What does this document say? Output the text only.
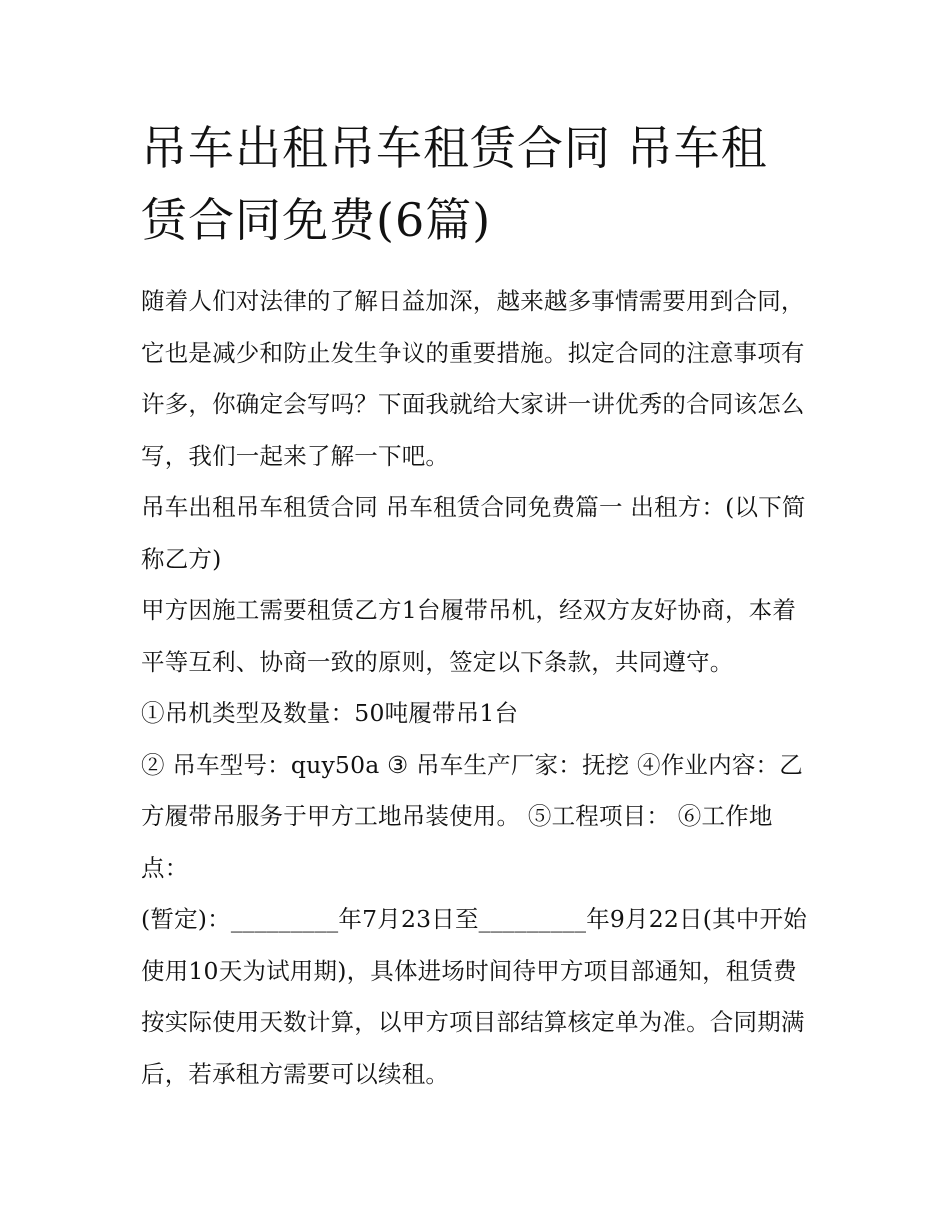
吊车出租吊车租赁合同 吊车租赁合同免费(6篇)

随着人们对法律的了解日益加深，越来越多事情需要用到合同，它也是减少和防止发生争议的重要措施。拟定合同的注意事项有许多，你确定会写吗？下面我就给大家讲一讲优秀的合同该怎么写，我们一起来了解一下吧。

吊车出租吊车租赁合同 吊车租赁合同免费篇一 出租方：(以下简称乙方)

甲方因施工需要租赁乙方1台履带吊机，经双方友好协商，本着平等互利、协商一致的原则，签定以下条款，共同遵守。

①吊机类型及数量：50吨履带吊1台

② 吊车型号：quy50a ③ 吊车生产厂家：抚挖 ④作业内容：乙方履带吊服务于甲方工地吊装使用。 ⑤工程项目： ⑥工作地点：

(暂定)：_________年7月23日至_________年9月22日(其中开始使用10天为试用期)，具体进场时间待甲方项目部通知，租赁费按实际使用天数计算，以甲方项目部结算核定单为准。合同期满后，若承租方需要可以续租。
